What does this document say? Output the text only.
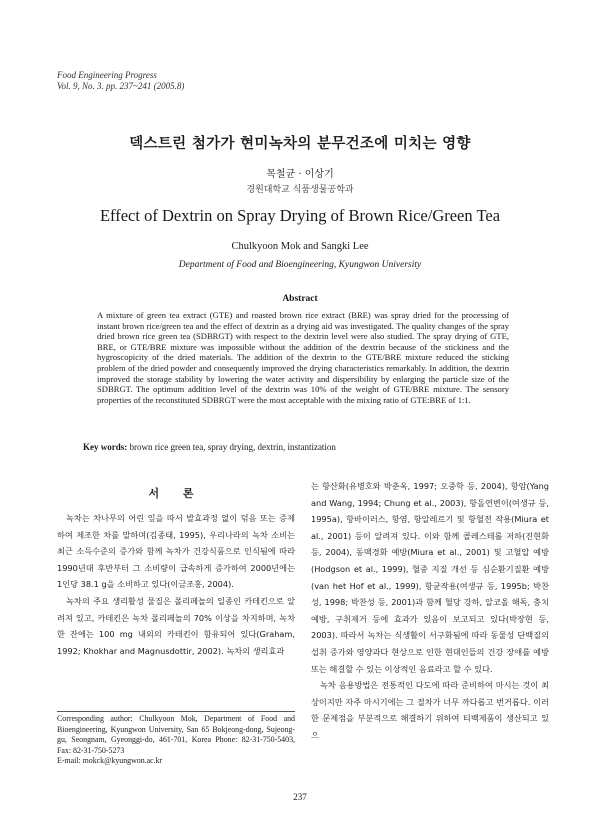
Food Engineering Progress
Vol. 9, No. 3. pp. 237~241 (2005.8)
덱스트린 첨가가 현미녹차의 분무건조에 미치는 영향
목철균 · 이상기
경원대학교 식품생물공학과
Effect of Dextrin on Spray Drying of Brown Rice/Green Tea
Chulkyoon Mok and Sangki Lee
Department of Food and Bioengineering, Kyungwon University
Abstract
A mixture of green tea extract (GTE) and roasted brown rice extract (BRE) was spray dried for the processing of instant brown rice/green tea and the effect of dextrin as a drying aid was investigated. The quality changes of the spray dried brown rice green tea (SDBRGT) with respect to the dextrin level were also studied. The spray drying of GTE, BRE, or GTE/BRE mixture was impossible without the addition of the dextrin because of the stickiness and the hygroscopicity of the dried materials. The addition of the dextrin to the GTE/BRE mixture reduced the sticking problem of the dried powder and consequently improved the drying characteristics remarkably. In addition, the dextrin improved the storage stability by lowering the water activity and dispersibility by enlarging the particle size of the SDBRGT. The optimum addition level of the dextrin was 10% of the weight of GTE/BRE mixture. The sensory properties of the reconstituted SDBRGT were the most acceptable with the mixing ratio of GTE:BRE of 1:1.
Key words: brown rice green tea, spray drying, dextrin, instantization
서 론

녹차는 차나무의 어린 잎을 따서 발효과정 없이 덖음 또는 증제하여 제조한 차를 말하며(김종태, 1995), 우리나라의 녹차 소비는 최근 소득수준의 증가와 함께 녹차가 건강식품으로 인식됨에 따라 1990년대 후반부터 그 소비량이 급속하게 증가하여 2000년에는 1인당 38.1 g을 소비하고 있다(이금조홍, 2004).

녹차의 주요 생리활성 물질은 폴리페놀의 일종인 카테킨으로 알려져 있고, 카테킨은 녹차 폴리페놀의 70% 이상을 차지하며, 녹차 한 잔에는 100 mg 내외의 카테킨이 함유되어 있다(Graham, 1992; Khokhar and Magnusdottir, 2002). 녹차의 생리효과

Corresponding author: Chulkyoon Mok, Department of Food and Bioengineering, Kyungwon University, San 65 Bokjeong-dong, Sujeong-gu, Seongnam, Gyeonggi-do, 461-701, Korea Phone: 82-31-750-5403, Fax: 82-31-750-5273
E-mail: mokck@kyungwon.ac.kr

는 항산화(유병호와 박춘옥, 1997; 오중학 등, 2004), 항암(Yang and Wang, 1994; Chung et al., 2003), 항돌연변이(여생규 등, 1995a), 항바이러스, 항염, 항알레르기 및 항혈전 작용(Miura et al., 2001) 등이 알려져 있다. 이와 함께 콜레스테롤 저하(진현화 등, 2004), 동맥경화 예방(Miura et al., 2001) 및 고혈압 예방(Hodgson et al., 1999), 혈중 지질 개선 등 심순환기질환 예방(van het Hof et al., 1999), 항균작용(여생규 등, 1995b; 박찬성, 1998; 박찬성 등, 2001)과 함께 혈당 강하, 알코올 해독, 충치 예방, 구취제거 등에 효과가 있음이 보고되고 있다(박장현 등, 2003). 따라서 녹차는 식생활이 서구화됨에 따라 동물성 단백질의 섭취 증가와 영양과다 현상으로 인한 현대인들의 건강 장애를 예방 또는 해결할 수 있는 이상적인 음료라고 할 수 있다.

녹차 음용방법은 전통적인 다도에 따라 준비하여 마시는 것이 최상이지만 자주 마시기에는 그 절차가 너무 까다롭고 번거롭다. 이러한 문제점을 부분적으로 해결하기 위하여 티백제품이 생산되고 있으

237
